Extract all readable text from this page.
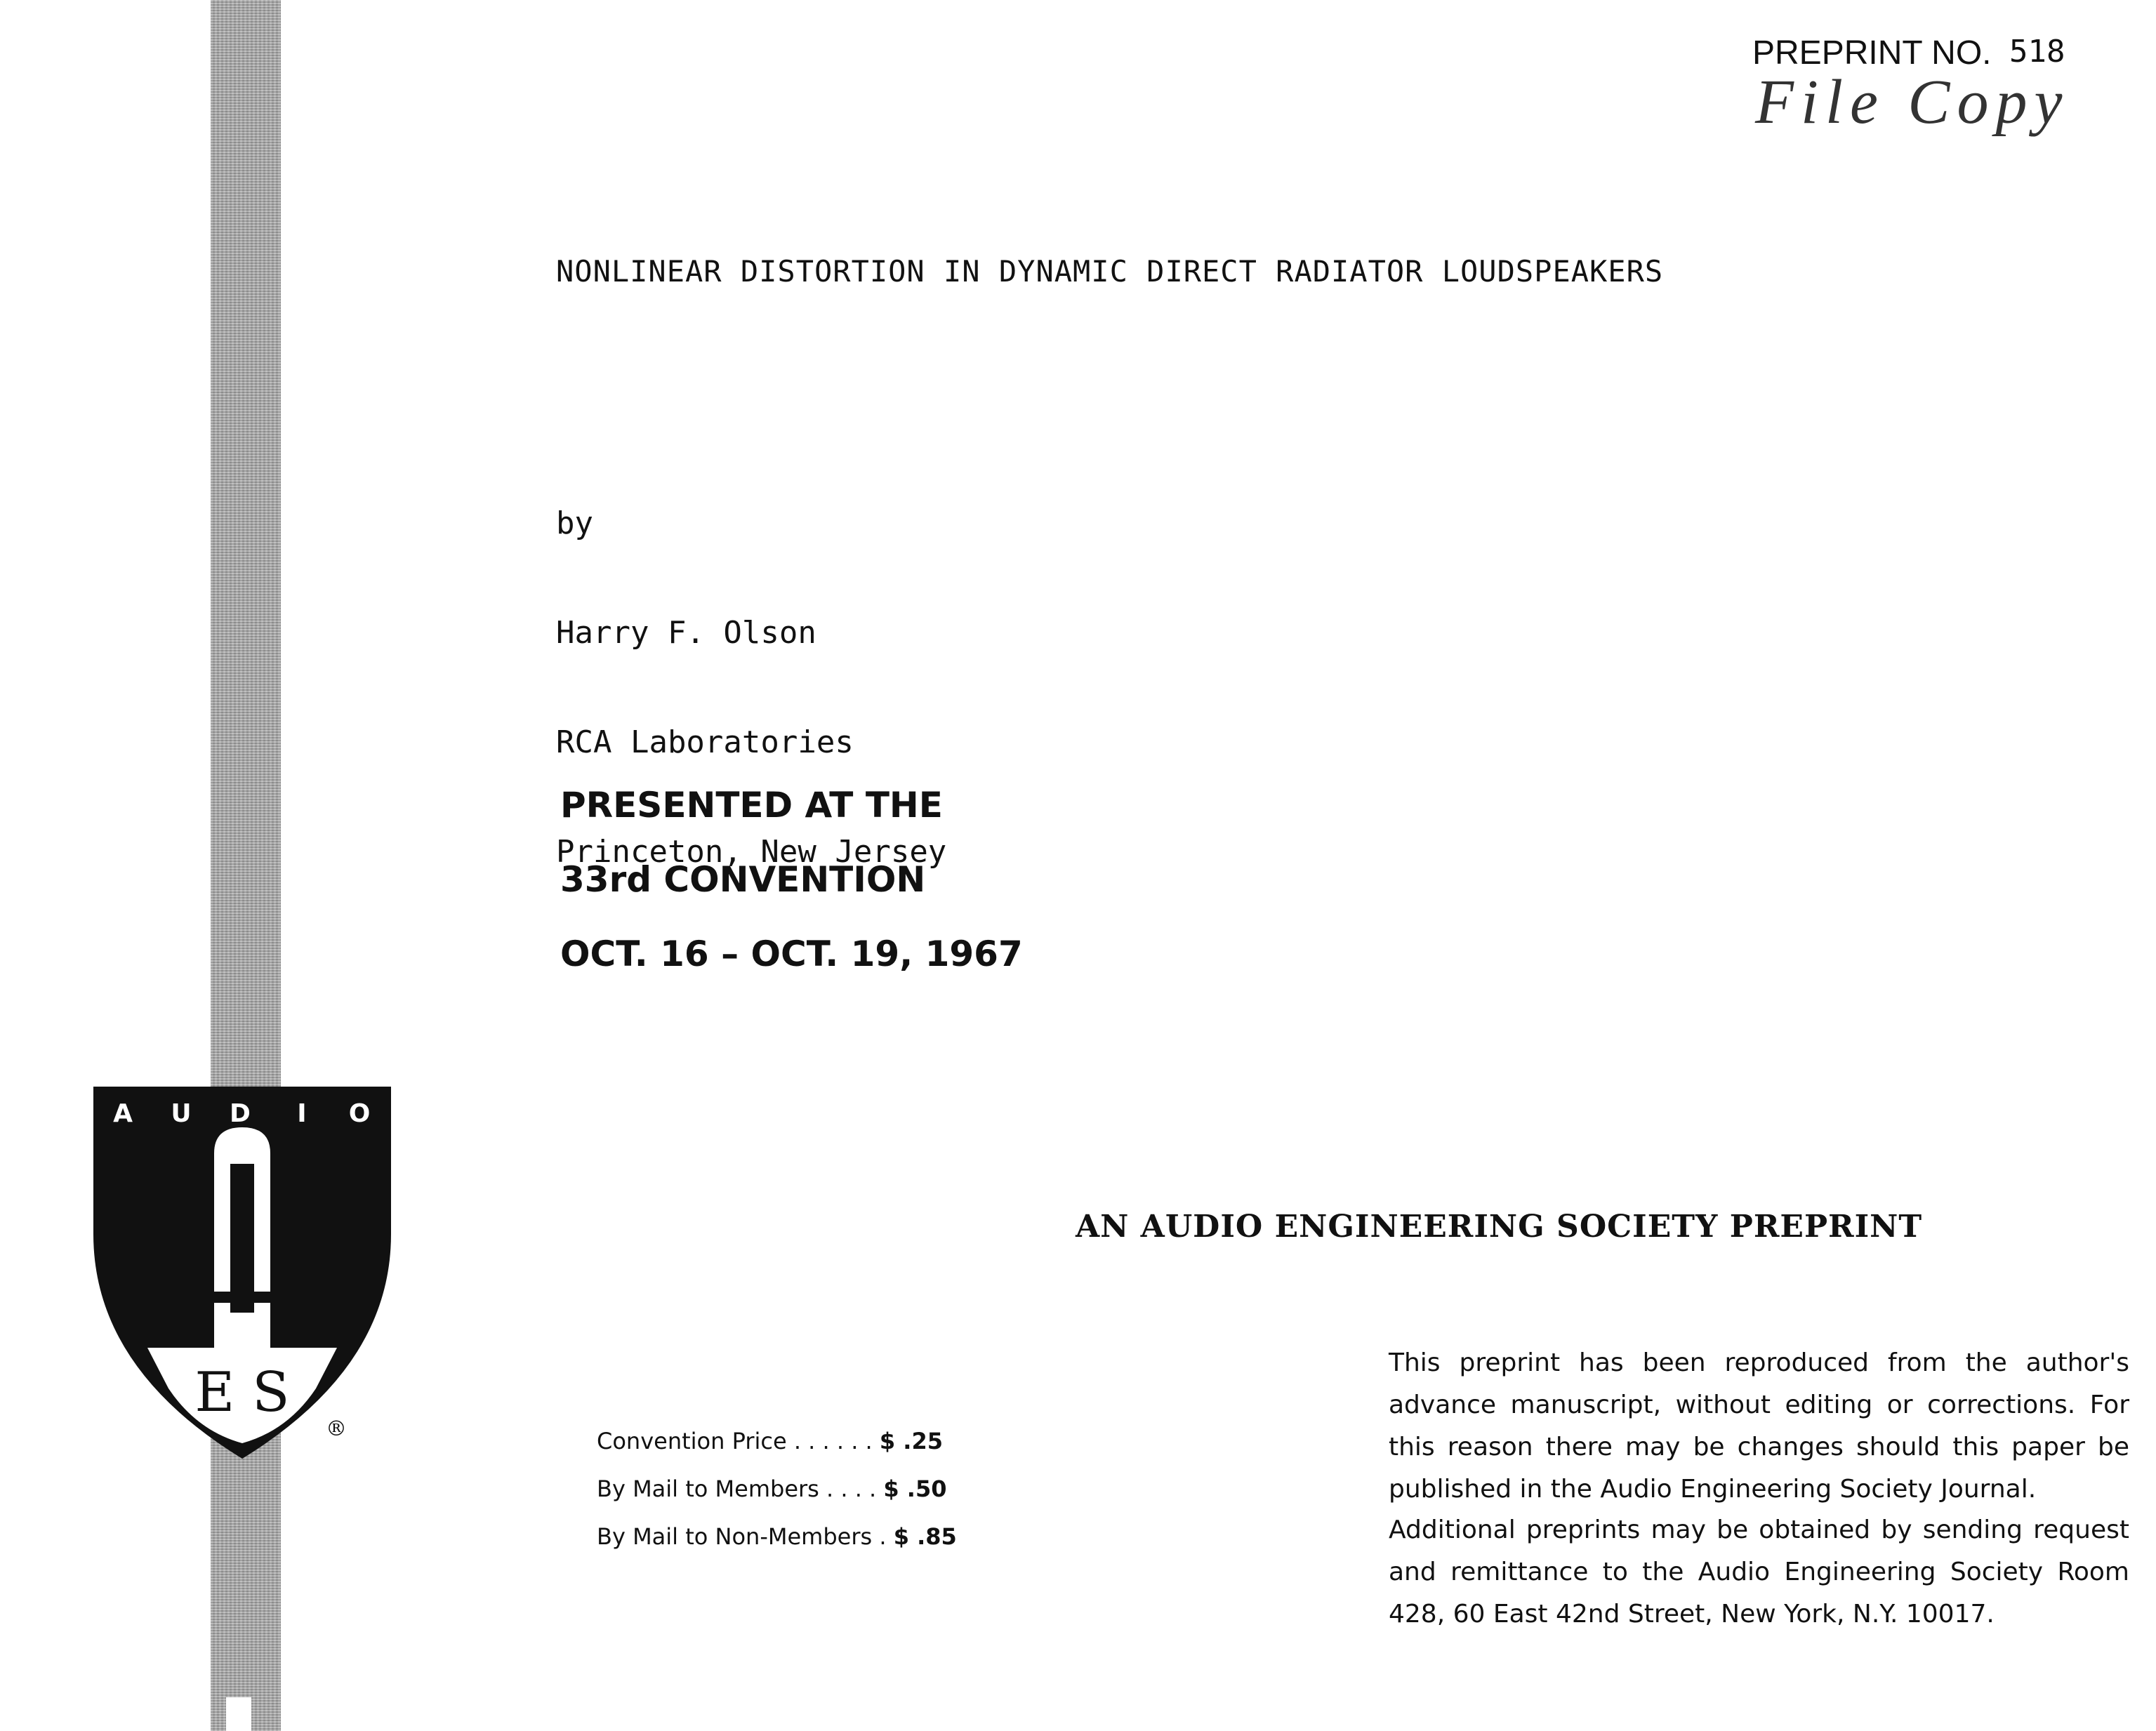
PREPRINT NO. 518
File Copy
NONLINEAR DISTORTION IN DYNAMIC DIRECT RADIATOR LOUDSPEAKERS

by

Harry F. Olson

RCA Laboratories

Princeton, New Jersey

PRESENTED AT THE
33rd CONVENTION
OCT. 16 – OCT. 19, 1967
A U D I O
E S
®
AN AUDIO ENGINEERING SOCIETY PREPRINT
Convention Price . . . . . . $ .25
By Mail to Members . . . . $ .50
By Mail to Non-Members . $ .85
This preprint has been reproduced from the author's advance manuscript, without editing or corrections. For this reason there may be changes should this paper be published in the Audio Engineering Society Journal.
Additional preprints may be obtained by sending request and remittance to the Audio Engineering Society Room 428, 60 East 42nd Street, New York, N.Y. 10017.
